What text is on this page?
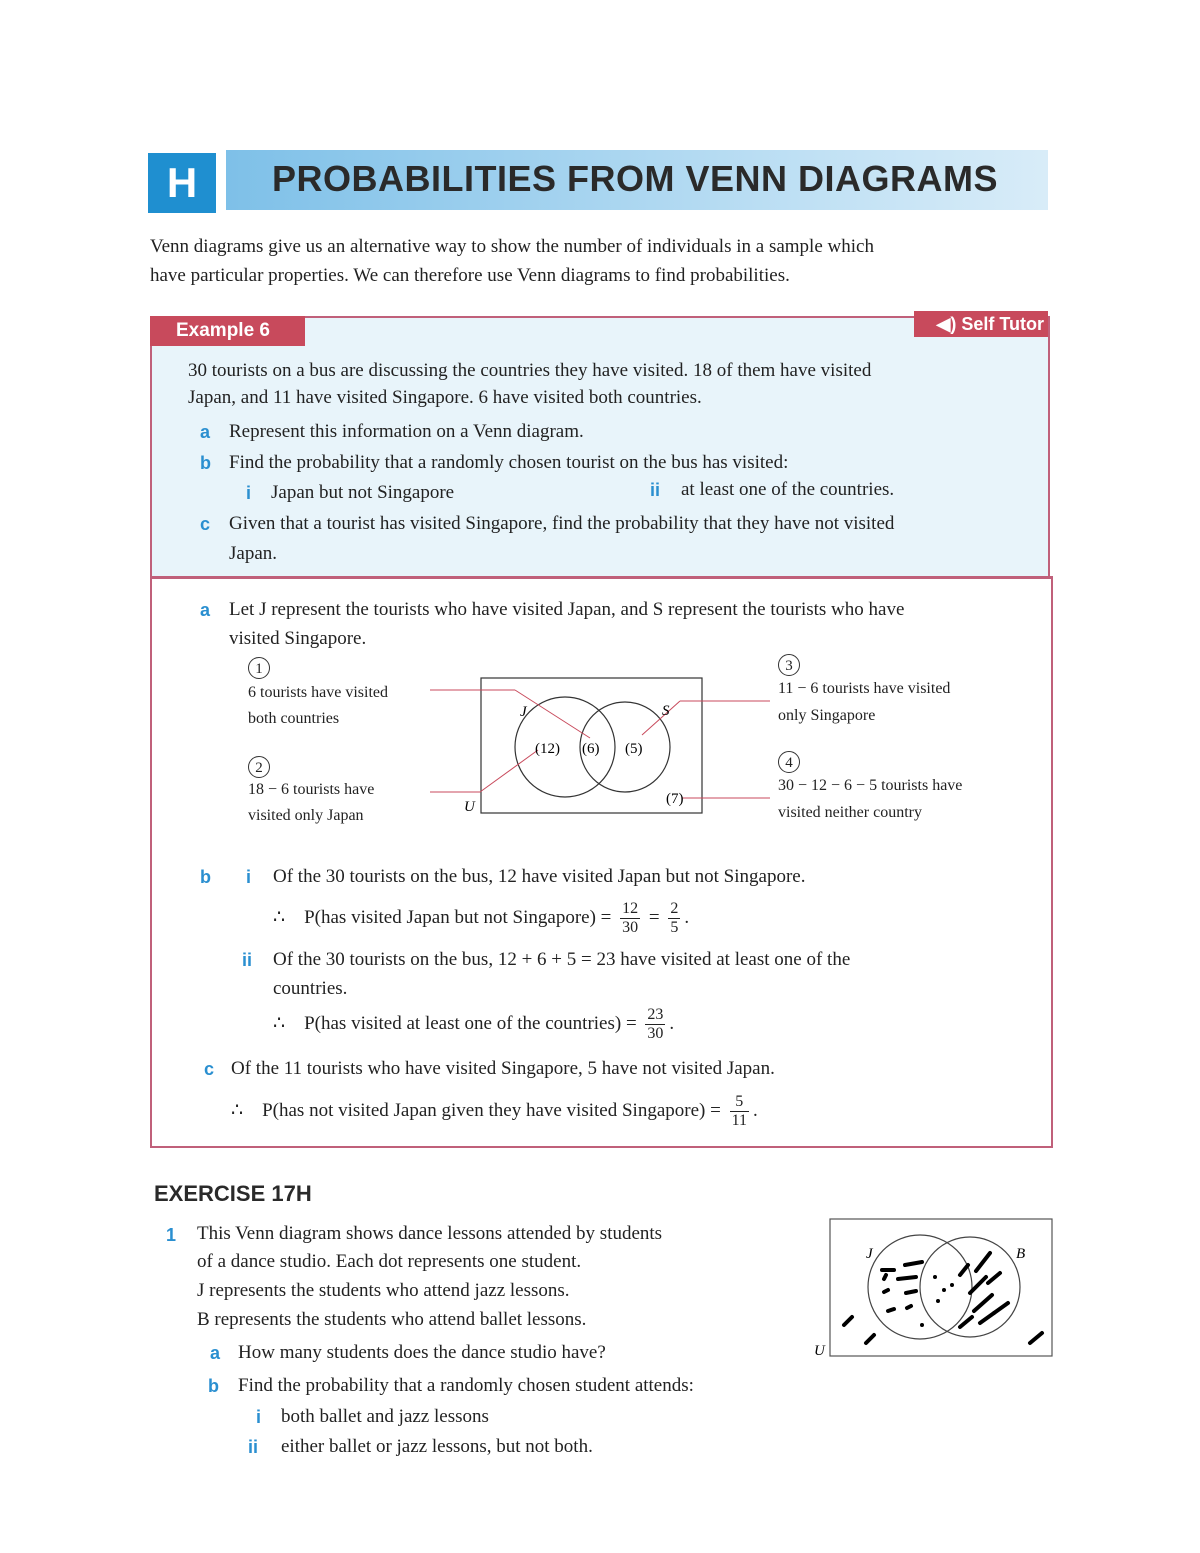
H	PROBABILITIES FROM VENN DIAGRAMS
Venn diagrams give us an alternative way to show the number of individuals in a sample which
have particular properties. We can therefore use Venn diagrams to find probabilities.
Example 6	◀) Self Tutor
30 tourists on a bus are discussing the countries they have visited. 18 of them have visited
Japan, and 11 have visited Singapore. 6 have visited both countries.
a Represent this information on a Venn diagram.
b Find the probability that a randomly chosen tourist on the bus has visited:
i Japan but not Singapore	ii at least one of the countries.
c Given that a tourist has visited Singapore, find the probability that they have not visited
Japan.
a Let J represent the tourists who have visited Japan, and S represent the tourists who have
visited Singapore.
1
6 tourists have visited
both countries
2
18 − 6 tourists have
visited only Japan
3
11 − 6 tourists have visited
only Singapore
4
30 − 12 − 6 − 5 tourists have
visited neither country
J	S
U
(12) (6) (5)
(7)
b i Of the 30 tourists on the bus, 12 have visited Japan but not Singapore.
∴ P(has visited Japan but not Singapore) = $\frac{12}{30} = \frac{2}{5}$ .
ii Of the 30 tourists on the bus, 12 + 6 + 5 = 23 have visited at least one of the
countries.
∴ P(has visited at least one of the countries) = $\frac{23}{30}$ .
c Of the 11 tourists who have visited Singapore, 5 have not visited Japan.
∴ P(has not visited Japan given they have visited Singapore) = $\frac{5}{11}$ .
EXERCISE 17H
1 This Venn diagram shows dance lessons attended by students
of a dance studio. Each dot represents one student.
J represents the students who attend jazz lessons.
B represents the students who attend ballet lessons.
a How many students does the dance studio have?
b Find the probability that a randomly chosen student attends:
i both ballet and jazz lessons
ii either ballet or jazz lessons, but not both.
J	B
U
